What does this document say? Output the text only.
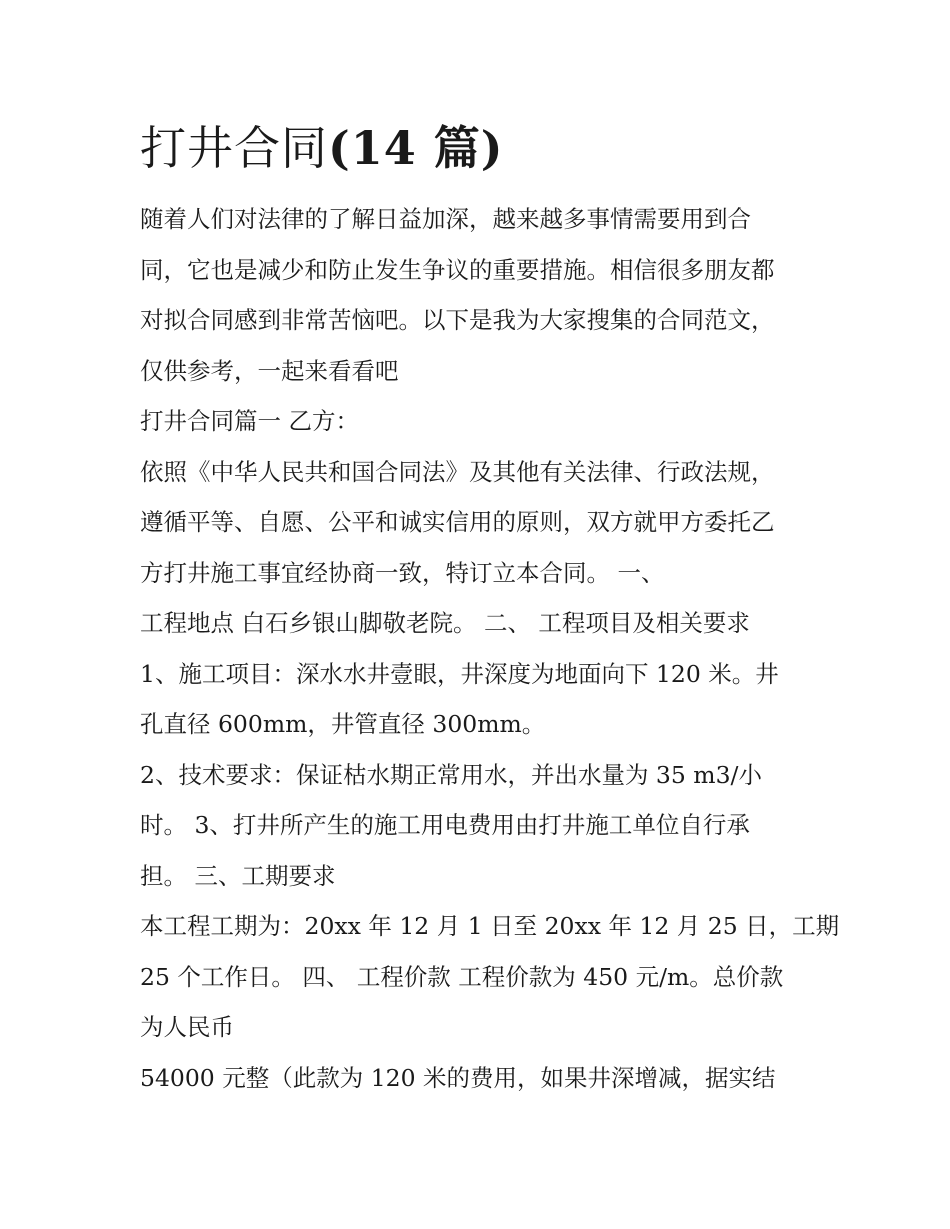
打井合同(14 篇)

随着人们对法律的了解日益加深，越来越多事情需要用到合

同，它也是减少和防止发生争议的重要措施。相信很多朋友都

对拟合同感到非常苦恼吧。以下是我为大家搜集的合同范文，

仅供参考，一起来看看吧

打井合同篇一 乙方：

依照《中华人民共和国合同法》及其他有关法律、行政法规，

遵循平等、自愿、公平和诚实信用的原则，双方就甲方委托乙

方打井施工事宜经协商一致，特订立本合同。 一、

工程地点 白石乡银山脚敬老院。 二、 工程项目及相关要求

1、施工项目：深水水井壹眼，井深度为地面向下 120 米。井

孔直径 600mm，井管直径 300mm。

2、技术要求：保证枯水期正常用水，并出水量为 35 m3/小

时。 3、打井所产生的施工用电费用由打井施工单位自行承

担。 三、工期要求

本工程工期为：20xx 年 12 月 1 日至 20xx 年 12 月 25 日，工期

25 个工作日。 四、 工程价款 工程价款为 450 元/m。总价款

为人民币

54000 元整（此款为 120 米的费用，如果井深增减，据实结
